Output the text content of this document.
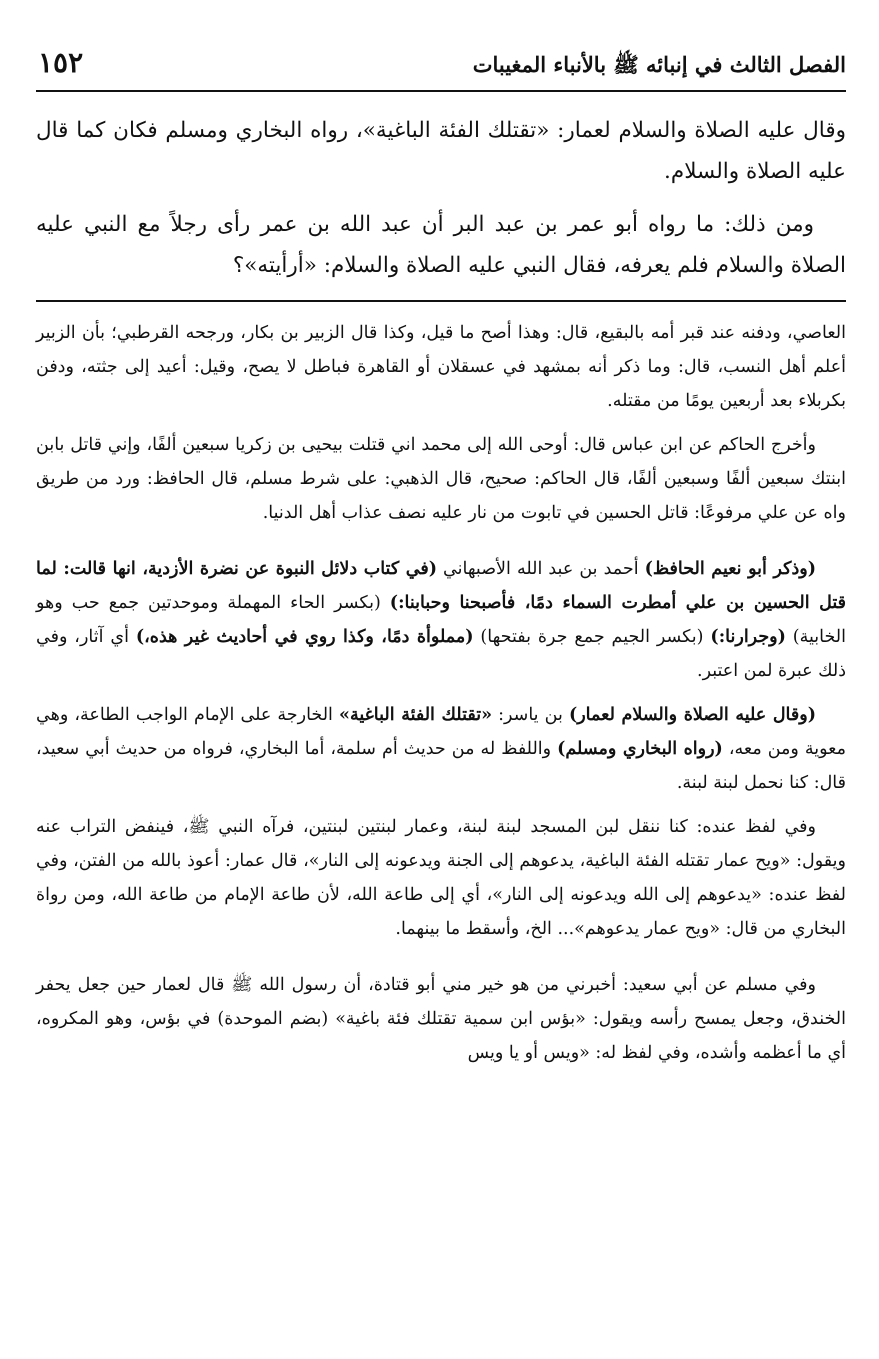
الفصل الثالث في إنبائه ﷺ بالأنباء المغيبات
١٥٢

وقال عليه الصلاة والسلام لعمار: «تقتلك الفئة الباغية»، رواه البخاري ومسلم فكان كما قال عليه الصلاة والسلام.

ومن ذلك: ما رواه أبو عمر بن عبد البر أن عبد الله بن عمر رأى رجلاً مع النبي عليه الصلاة والسلام فلم يعرفه، فقال النبي عليه الصلاة والسلام: «أرأيته»؟

العاصي، ودفنه عند قبر أمه بالبقيع، قال: وهذا أصح ما قيل، وكذا قال الزبير بن بكار، ورجحه القرطبي؛ بأن الزبير أعلم أهل النسب، قال: وما ذكر أنه بمشهد في عسقلان أو القاهرة فباطل لا يصح، وقيل: أعيد إلى جثته، ودفن بكربلاء بعد أربعين يومًا من مقتله.

وأخرج الحاكم عن ابن عباس قال: أوحى الله إلى محمد اني قتلت بيحيى بن زكريا سبعين ألفًا، وإني قاتل بابن ابنتك سبعين ألفًا وسبعين ألفًا، قال الحاكم: صحيح، قال الذهبي: على شرط مسلم، قال الحافظ: ورد من طريق واه عن علي مرفوعًا: قاتل الحسين في تابوت من نار عليه نصف عذاب أهل الدنيا.

(وذكر أبو نعيم الحافظ) أحمد بن عبد الله الأصبهاني (في كتاب دلائل النبوة عن نضرة الأزدية، انها قالت: لما قتل الحسين بن علي أمطرت السماء دمًا، فأصبحنا وحبابنا:) (بكسر الحاء المهملة وموحدتين جمع حب وهو الخابية) (وجرارنا:) (بكسر الجيم جمع جرة بفتحها) (مملوأة دمًا، وكذا روي في أحاديث غير هذه،) أي آثار، وفي ذلك عبرة لمن اعتبر.

(وقال عليه الصلاة والسلام لعمار) بن ياسر: «تقتلك الفئة الباغية» الخارجة على الإمام الواجب الطاعة، وهي معوية ومن معه، (رواه البخاري ومسلم) واللفظ له من حديث أم سلمة، أما البخاري، فرواه من حديث أبي سعيد، قال: كنا نحمل لبنة لبنة.

وفي لفظ عنده: كنا ننقل لبن المسجد لبنة لبنة، وعمار لبنتين لبنتين، فرآه النبي ﷺ، فينفض التراب عنه ويقول: «ويح عمار تقتله الفئة الباغية، يدعوهم إلى الجنة ويدعونه إلى النار»، قال عمار: أعوذ بالله من الفتن، وفي لفظ عنده: «يدعوهم إلى الله ويدعونه إلى النار»، أي إلى طاعة الله، لأن طاعة الإمام من طاعة الله، ومن رواة البخاري من قال: «ويح عمار يدعوهم»... الخ، وأسقط ما بينهما.

وفي مسلم عن أبي سعيد: أخبرني من هو خير مني أبو قتادة، أن رسول الله ﷺ قال لعمار حين جعل يحفر الخندق، وجعل يمسح رأسه ويقول: «بؤس ابن سمية تقتلك فئة باغية» (بضم الموحدة) في بؤس، وهو المكروه، أي ما أعظمه وأشده، وفي لفظ له: «ويس أو يا ويس
